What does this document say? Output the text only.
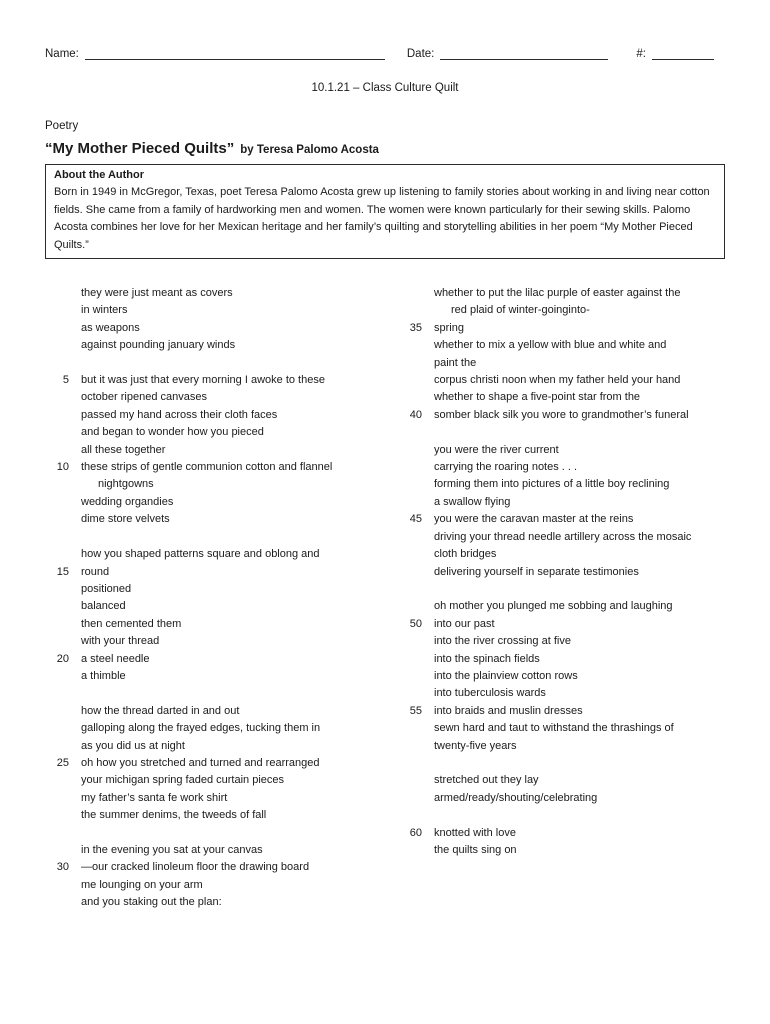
Name:	Date:	#:
10.1.21 – Class Culture Quilt
Poetry
“My Mother Pieced Quilts” by Teresa Palomo Acosta
About the Author
Born in 1949 in McGregor, Texas, poet Teresa Palomo Acosta grew up listening to family stories about working in and living near cotton fields. She came from a family of hardworking men and women. The women were known particularly for their sewing skills. Palomo Acosta combines her love for her Mexican heritage and her family’s quilting and storytelling abilities in her poem “My Mother Pieced Quilts.”
they were just meant as covers
in winters
as weapons
against pounding january winds
5 but it was just that every morning I awoke to these
october ripened canvases
passed my hand across their cloth faces
and began to wonder how you pieced
all these together
10 these strips of gentle communion cotton and flannel
nightgowns
wedding organdies
dime store velvets
how you shaped patterns square and oblong and
15 round
positioned
balanced
then cemented them
with your thread
20 a steel needle
a thimble
how the thread darted in and out
galloping along the frayed edges, tucking them in
as you did us at night
25 oh how you stretched and turned and rearranged
your michigan spring faded curtain pieces
my father’s santa fe work shirt
the summer denims, the tweeds of fall
in the evening you sat at your canvas
30 —our cracked linoleum floor the drawing board
me lounging on your arm
and you staking out the plan:
whether to put the lilac purple of easter against the
red plaid of winter-goinginto-
35 spring
whether to mix a yellow with blue and white and
paint the
corpus christi noon when my father held your hand
whether to shape a five-point star from the
40 somber black silk you wore to grandmother’s funeral
you were the river current
carrying the roaring notes . . .
forming them into pictures of a little boy reclining
a swallow flying
45 you were the caravan master at the reins
driving your thread needle artillery across the mosaic
cloth bridges
delivering yourself in separate testimonies
oh mother you plunged me sobbing and laughing
50 into our past
into the river crossing at five
into the spinach fields
into the plainview cotton rows
into tuberculosis wards
55 into braids and muslin dresses
sewn hard and taut to withstand the thrashings of
twenty-five years
stretched out they lay
armed/ready/shouting/celebrating
60 knotted with love
the quilts sing on
